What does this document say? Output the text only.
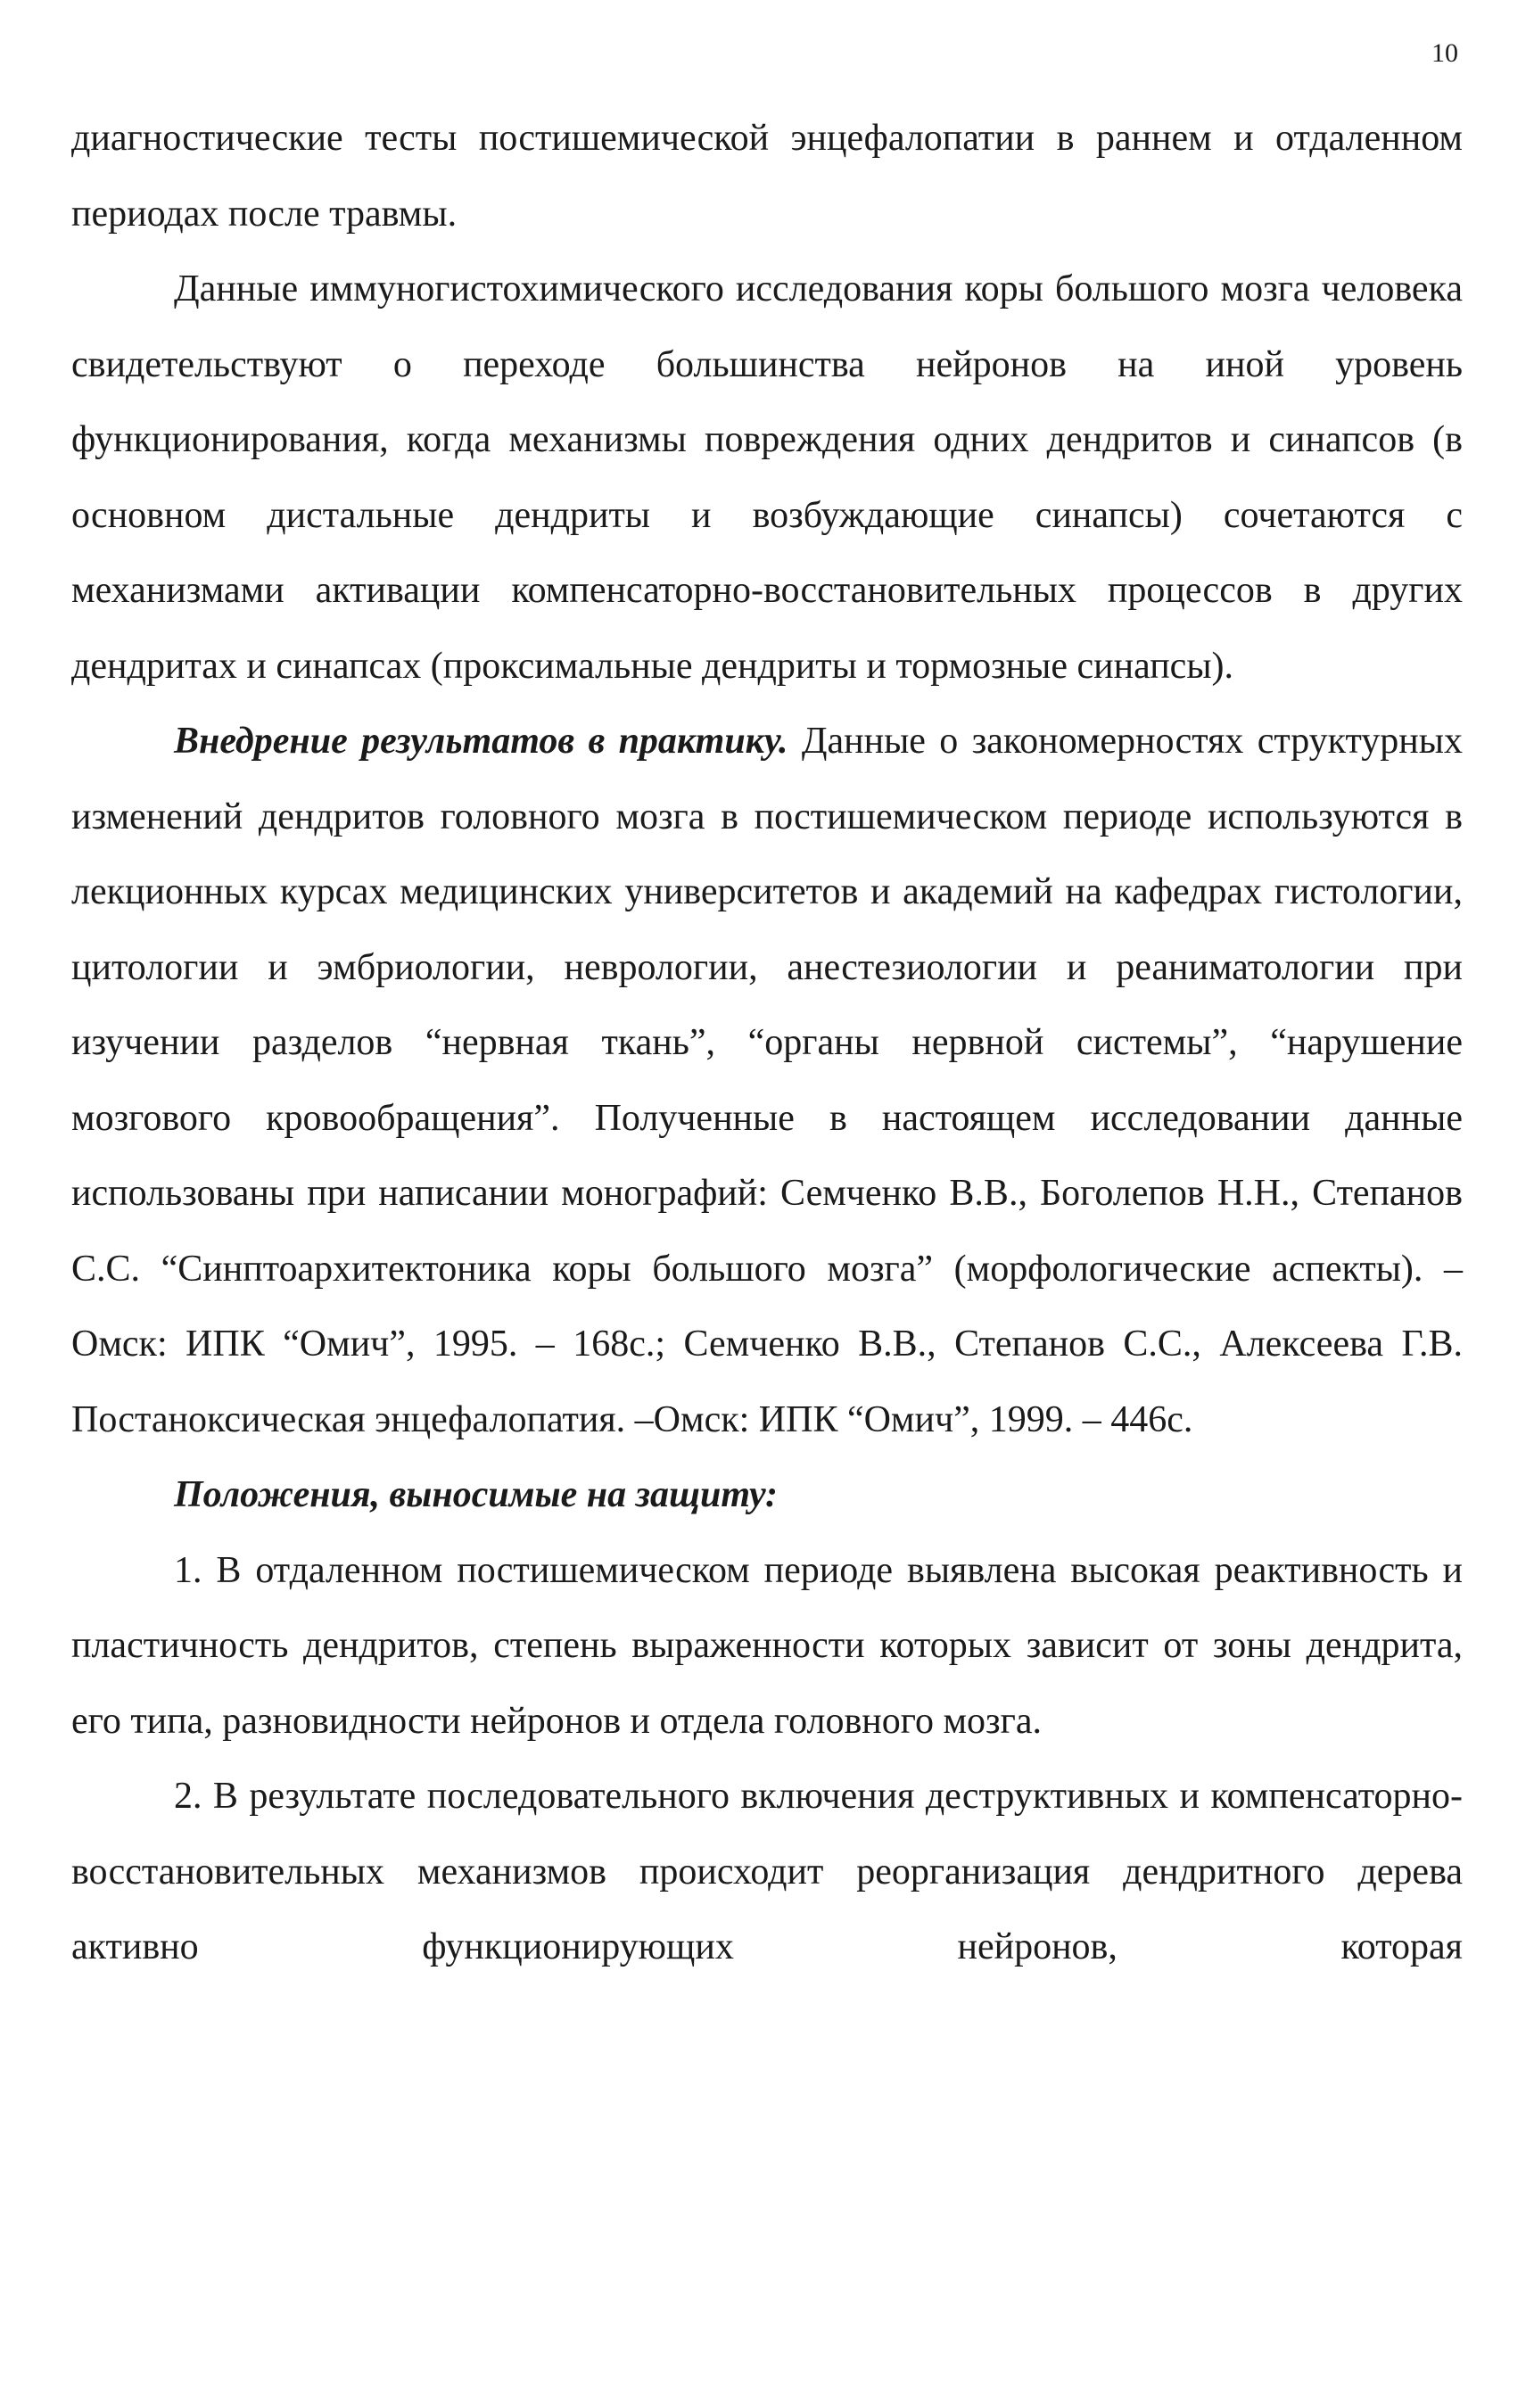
10

диагностические тесты постишемической энцефалопатии в раннем и отдаленном периодах после травмы.

Данные иммуногистохимического исследования коры большого мозга человека свидетельствуют о переходе большинства нейронов на иной уровень функционирования, когда механизмы повреждения одних дендритов и синапсов (в основном дистальные дендриты и возбуждающие синапсы) сочетаются с механизмами активации компенсаторно-восстановительных процессов в других дендритах и синапсах (проксимальные дендриты и тормозные синапсы).

Внедрение результатов в практику. Данные о закономерностях структурных изменений дендритов головного мозга в постишемическом периоде используются в лекционных курсах медицинских университетов и академий на кафедрах гистологии, цитологии и эмбриологии, неврологии, анестезиологии и реаниматологии при изучении разделов “нервная ткань”, “органы нервной системы”, “нарушение мозгового кровообращения”. Полученные в настоящем исследовании данные использованы при написании монографий: Семченко В.В., Боголепов Н.Н., Степанов С.С. “Синптоархитектоника коры большого мозга” (морфологические аспекты). –Омск: ИПК “Омич”, 1995. – 168с.; Семченко В.В., Степанов С.С., Алексеева Г.В. Постаноксическая энцефалопатия. –Омск: ИПК “Омич”, 1999. – 446с.

Положения, выносимые на защиту:

1. В отдаленном постишемическом периоде выявлена высокая реактивность и пластичность дендритов, степень выраженности которых зависит от зоны дендрита, его типа, разновидности нейронов и отдела головного мозга.

2. В результате последовательного включения деструктивных и компенсаторно-восстановительных механизмов происходит реорганизация дендритного дерева активно функционирующих нейронов, которая
